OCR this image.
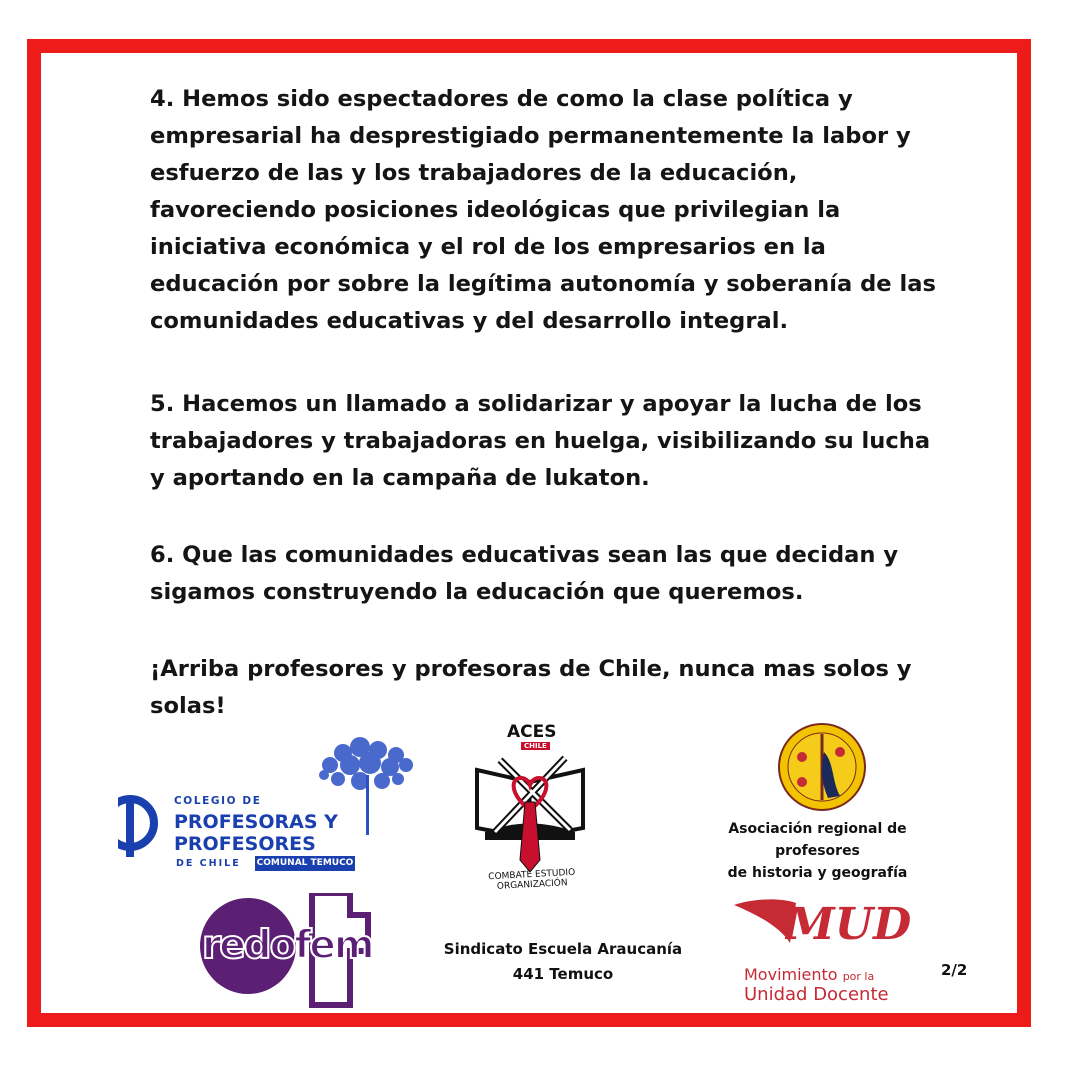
4. Hemos sido espectadores de como la clase política y
empresarial ha desprestigiado permanentemente la labor y
esfuerzo de las y los trabajadores de la educación,
favoreciendo posiciones ideológicas que privilegian la
iniciativa económica y el rol de los empresarios en la
educación por sobre la legítima autonomía y soberanía de las
comunidades educativas y del desarrollo integral.
5. Hacemos un llamado a solidarizar y apoyar la lucha de los
trabajadores y trabajadoras en huelga, visibilizando su lucha
y aportando en la campaña de lukaton.
6. Que las comunidades educativas sean las que decidan y
sigamos construyendo la educación que queremos.
¡Arriba profesores y profesoras de Chile, nunca mas solos y
solas!
COLEGIO DE
PROFESORAS Y
PROFESORES
DE CHILE COMUNAL TEMUCO
ACES
CHILE
COMBATE ESTUDIO ORGANIZACIÓN
Asociación regional de
profesores
de historia y geografía
redofem	Sindicato Escuela Araucanía
441 Temuco
MUD
Movimiento por la
Unidad Docente
2/2
